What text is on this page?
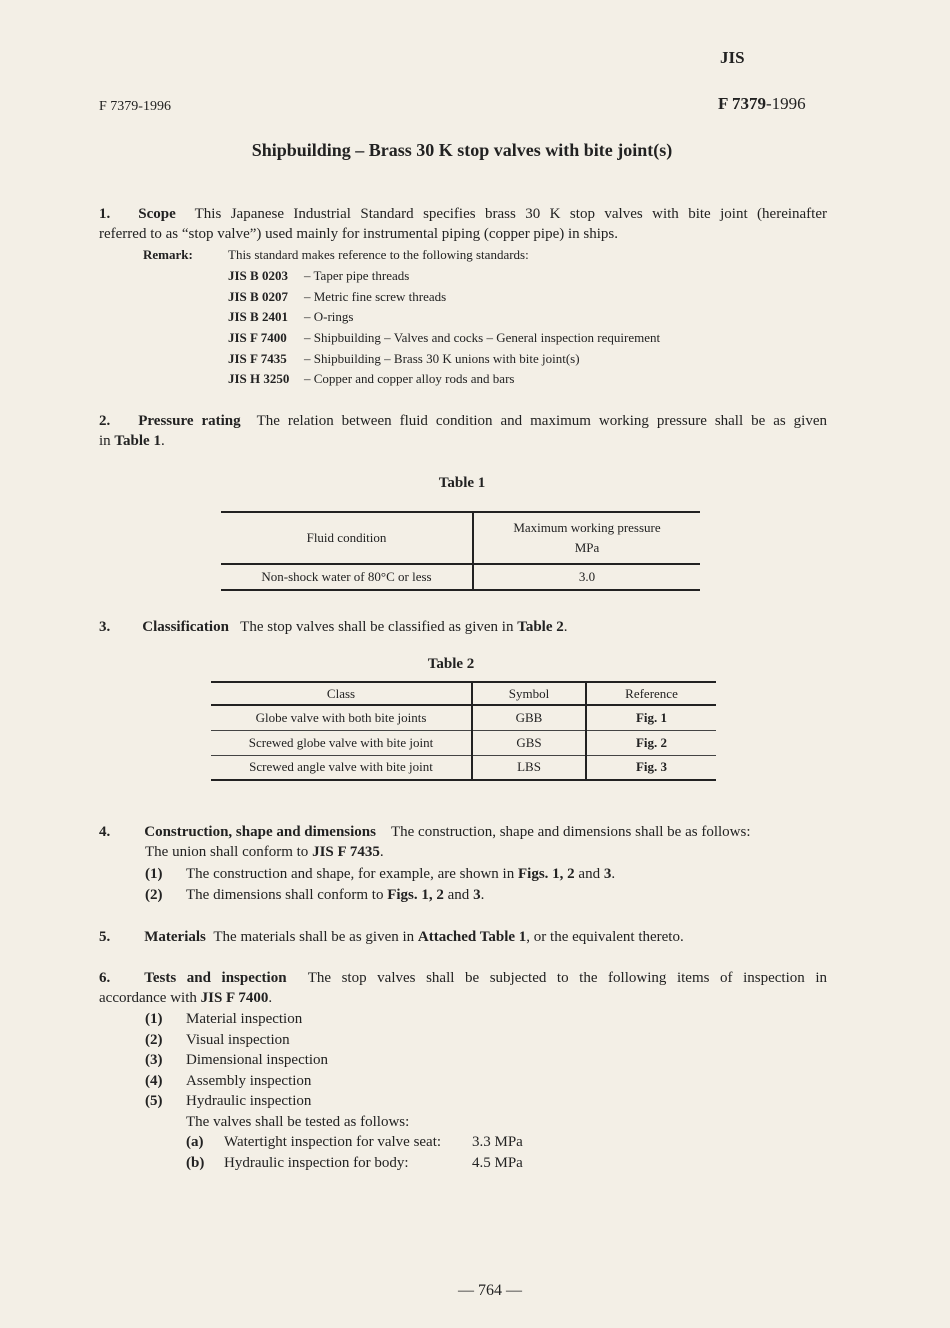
JIS
F 7379-1996	F 7379-1996
Shipbuilding – Brass 30 K stop valves with bite joint(s)
1. Scope This Japanese Industrial Standard specifies brass 30 K stop valves with bite joint (hereinafter
referred to as “stop valve”) used mainly for instrumental piping (copper pipe) in ships.
Remark:	This standard makes reference to the following standards:
JIS B 0203 – Taper pipe threads
JIS B 0207 – Metric fine screw threads
JIS B 2401 – O-rings
JIS F 7400 – Shipbuilding – Valves and cocks – General inspection requirement
JIS F 7435 – Shipbuilding – Brass 30 K unions with bite joint(s)
JIS H 3250 – Copper and copper alloy rods and bars
2. Pressure rating The relation between fluid condition and maximum working pressure shall be as given
in Table 1.
Table 1
Fluid condition	Maximum working pressure
MPa

Non-shock water of 80°C or less	3.0
3. Classification The stop valves shall be classified as given in Table 2.
Table 2
Class	Symbol	Reference
Globe valve with both bite joints	GBB	Fig. 1
Screwed globe valve with bite joint	GBS	Fig. 2
Screwed angle valve with bite joint	LBS	Fig. 3
4. Construction, shape and dimensions The construction, shape and dimensions shall be as follows:
The union shall conform to JIS F 7435.
(1) The construction and shape, for example, are shown in Figs. 1, 2 and 3.
(2) The dimensions shall conform to Figs. 1, 2 and 3.
5. Materials The materials shall be as given in Attached Table 1, or the equivalent thereto.
6. Tests and inspection The stop valves shall be subjected to the following items of inspection in
accordance with JIS F 7400.
(1) Material inspection
(2) Visual inspection
(3) Dimensional inspection
(4) Assembly inspection
(5) Hydraulic inspection
The valves shall be tested as follows:
(a) Watertight inspection for valve seat: 3.3 MPa
(b) Hydraulic inspection for body:	4.5 MPa
— 764 —
